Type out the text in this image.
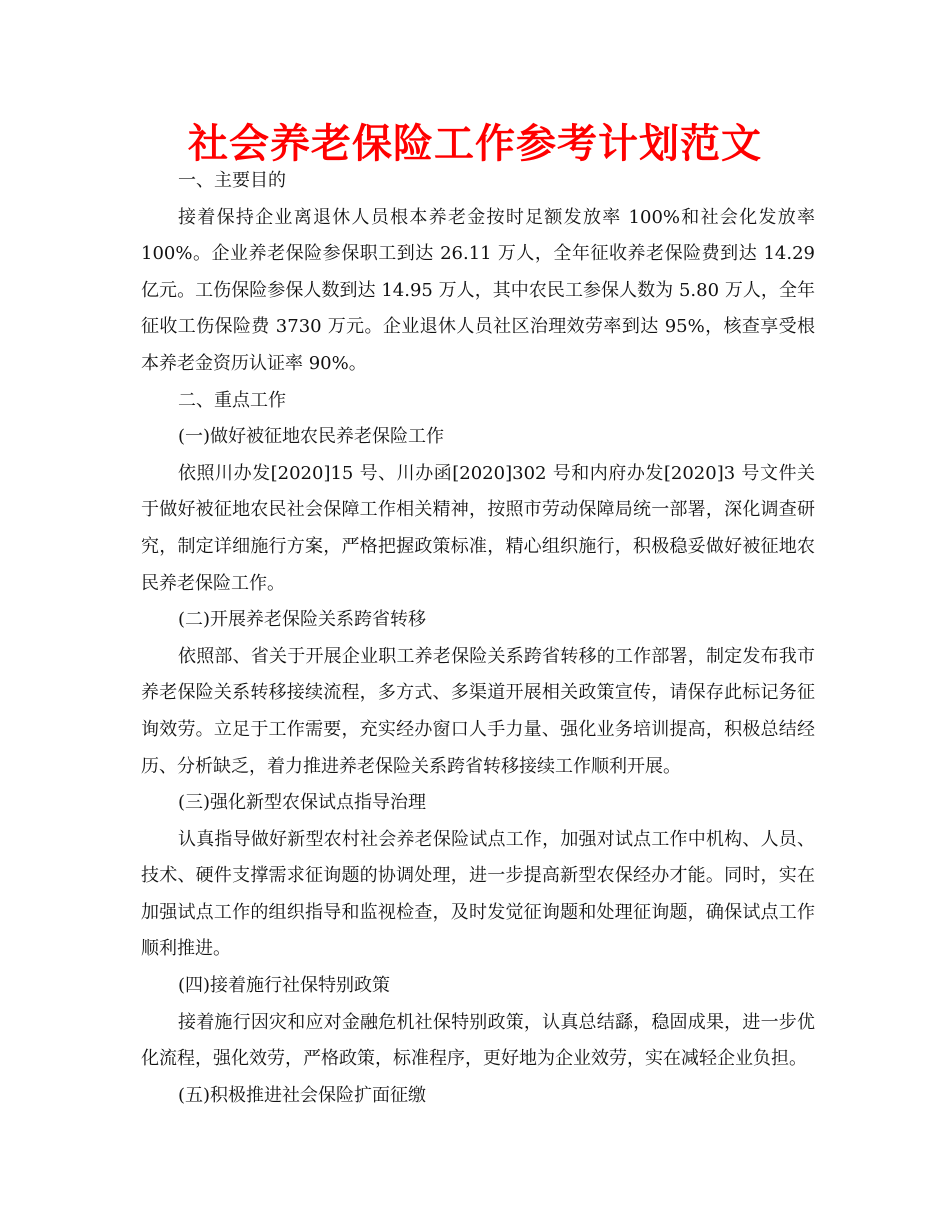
社会养老保险工作参考计划范文

一、主要目的

接着保持企业离退休人员根本养老金按时足额发放率 100%和社会化发放率 100%。企业养老保险参保职工到达 26.11 万人，全年征收养老保险费到达 14.29 亿元。工伤保险参保人数到达 14.95 万人，其中农民工参保人数为 5.80 万人，全年征收工伤保险费 3730 万元。企业退休人员社区治理效劳率到达 95%，核查享受根本养老金资历认证率 90%。

二、重点工作

(一)做好被征地农民养老保险工作

依照川办发[2020]15 号、川办函[2020]302 号和内府办发[2020]3 号文件关于做好被征地农民社会保障工作相关精神，按照市劳动保障局统一部署，深化调查研究，制定详细施行方案，严格把握政策标准，精心组织施行，积极稳妥做好被征地农民养老保险工作。

(二)开展养老保险关系跨省转移

依照部、省关于开展企业职工养老保险关系跨省转移的工作部署，制定发布我市养老保险关系转移接续流程，多方式、多渠道开展相关政策宣传，请保存此标记务征询效劳。立足于工作需要，充实经办窗口人手力量、强化业务培训提高，积极总结经历、分析缺乏，着力推进养老保险关系跨省转移接续工作顺利开展。

(三)强化新型农保试点指导治理

认真指导做好新型农村社会养老保险试点工作，加强对试点工作中机构、人员、技术、硬件支撑需求征询题的协调处理，进一步提高新型农保经办才能。同时，实在加强试点工作的组织指导和监视检查，及时发觉征询题和处理征询题，确保试点工作顺利推进。

(四)接着施行社保特别政策

接着施行因灾和应对金融危机社保特别政策，认真总结繇，稳固成果，进一步优化流程，强化效劳，严格政策，标准程序，更好地为企业效劳，实在减轻企业负担。

(五)积极推进社会保险扩面征缴
